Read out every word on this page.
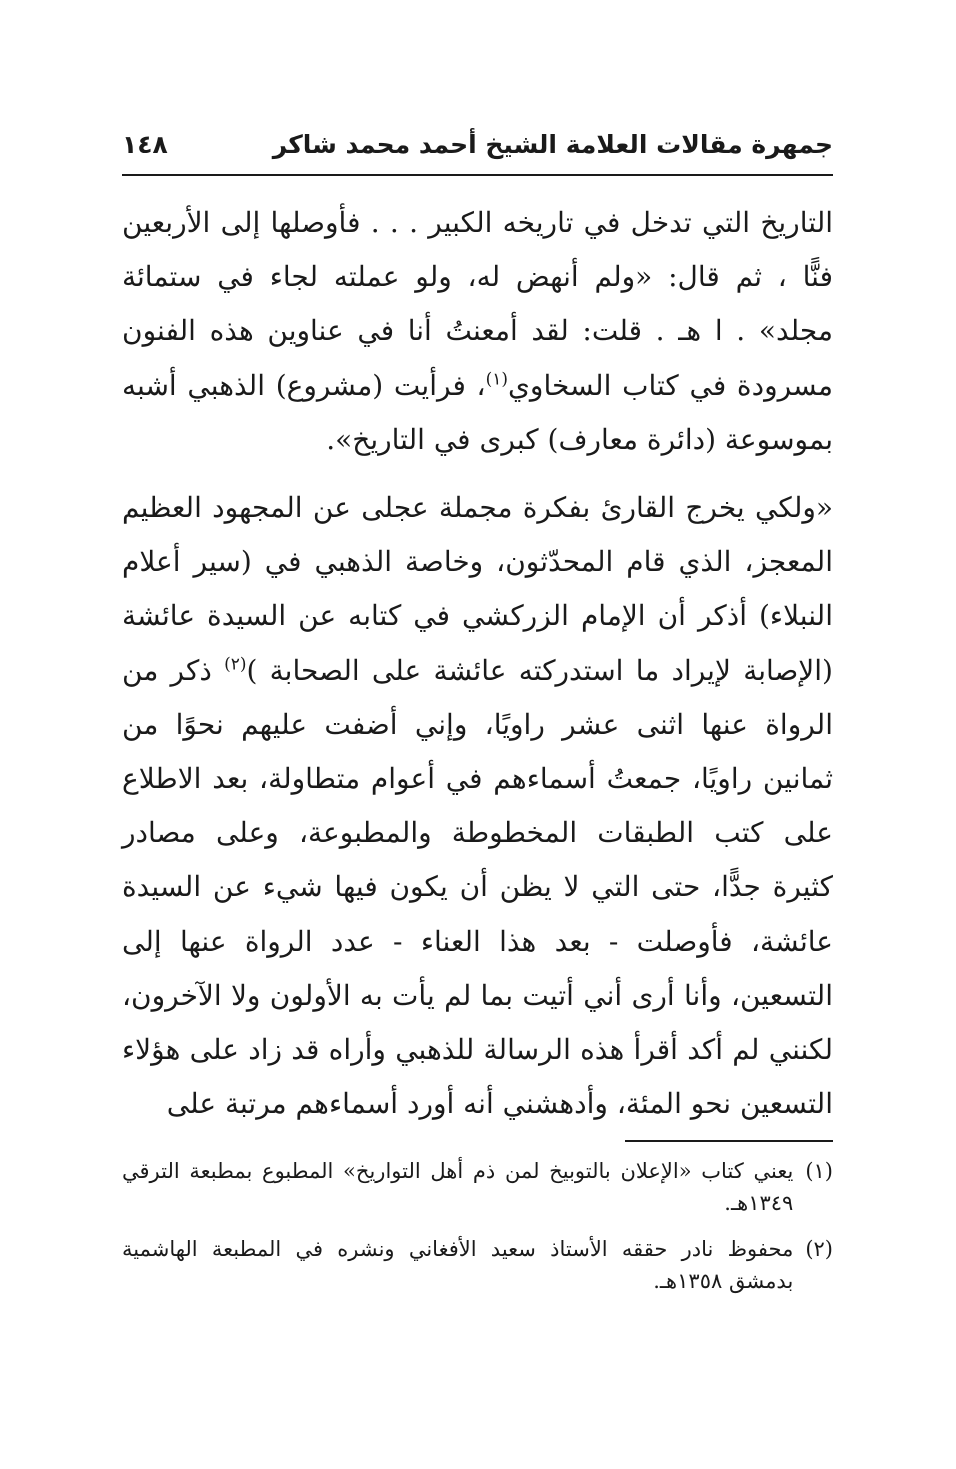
جمهرة مقالات العلامة الشيخ أحمد محمد شاكر
١٤٨

التاريخ التي تدخل في تاريخه الكبير . . . فأوصلها إلى الأربعين فنًّا ، ثم قال: «ولم أنهض له، ولو عملته لجاء في ستمائة مجلد» . ا هـ . قلت: لقد أمعنتُ أنا في عناوين هذه الفنون مسرودة في كتاب السخاوي$^{(١)}$، فرأيت (مشروع) الذهبي أشبه بموسوعة (دائرة معارف) كبرى في التاريخ».

«ولكي يخرج القارئ بفكرة مجملة عجلى عن المجهود العظيم المعجز، الذي قام المحدّثون، وخاصة الذهبي في (سير أعلام النبلاء) أذكر أن الإمام الزركشي في كتابه عن السيدة عائشة (الإصابة لإيراد ما استدركته عائشة على الصحابة )$^{(٢)}$ ذكر من الرواة عنها اثنى عشر راويًا، وإني أضفت عليهم نحوًا من ثمانين راويًا، جمعتُ أسماءهم في أعوام متطاولة، بعد الاطلاع على كتب الطبقات المخطوطة والمطبوعة، وعلى مصادر كثيرة جدًّا، حتى التي لا يظن أن يكون فيها شيء عن السيدة عائشة، فأوصلت - بعد هذا العناء - عدد الرواة عنها إلى التسعين، وأنا أرى أني أتيت بما لم يأت به الأولون ولا الآخرون، لكنني لم أكد أقرأ هذه الرسالة للذهبي وأراه قد زاد على هؤلاء التسعين نحو المئة، وأدهشني أنه أورد أسماءهم مرتبة على

(١)
يعني كتاب «الإعلان بالتوبيخ لمن ذم أهل التواريخ» المطبوع بمطبعة الترقي ١٣٤٩هـ.
(٢)
محفوظ نادر حققه الأستاذ سعيد الأفغاني ونشره في المطبعة الهاشمية بدمشق ١٣٥٨هـ.
